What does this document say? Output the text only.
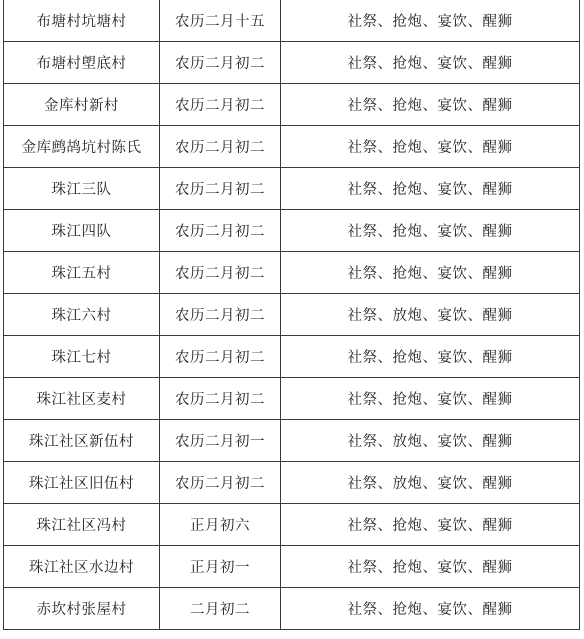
布塘村坑塘村	农历二月十五	社祭、抢炮、宴饮、醒狮
布塘村塱底村	农历二月初二	社祭、抢炮、宴饮、醒狮
金库村新村	农历二月初二	社祭、抢炮、宴饮、醒狮
金库鹧鸪坑村陈氏	农历二月初二	社祭、抢炮、宴饮、醒狮
珠江三队	农历二月初二	社祭、抢炮、宴饮、醒狮
珠江四队	农历二月初二	社祭、抢炮、宴饮、醒狮
珠江五村	农历二月初二	社祭、抢炮、宴饮、醒狮
珠江六村	农历二月初二	社祭、放炮、宴饮、醒狮
珠江七村	农历二月初二	社祭、抢炮、宴饮、醒狮
珠江社区麦村	农历二月初二	社祭、抢炮、宴饮、醒狮
珠江社区新伍村	农历二月初一	社祭、放炮、宴饮、醒狮
珠江社区旧伍村	农历二月初二	社祭、放炮、宴饮、醒狮
珠江社区冯村	正月初六	社祭、抢炮、宴饮、醒狮
珠江社区水边村	正月初一	社祭、抢炮、宴饮、醒狮
赤坎村张屋村	二月初二	社祭、抢炮、宴饮、醒狮
